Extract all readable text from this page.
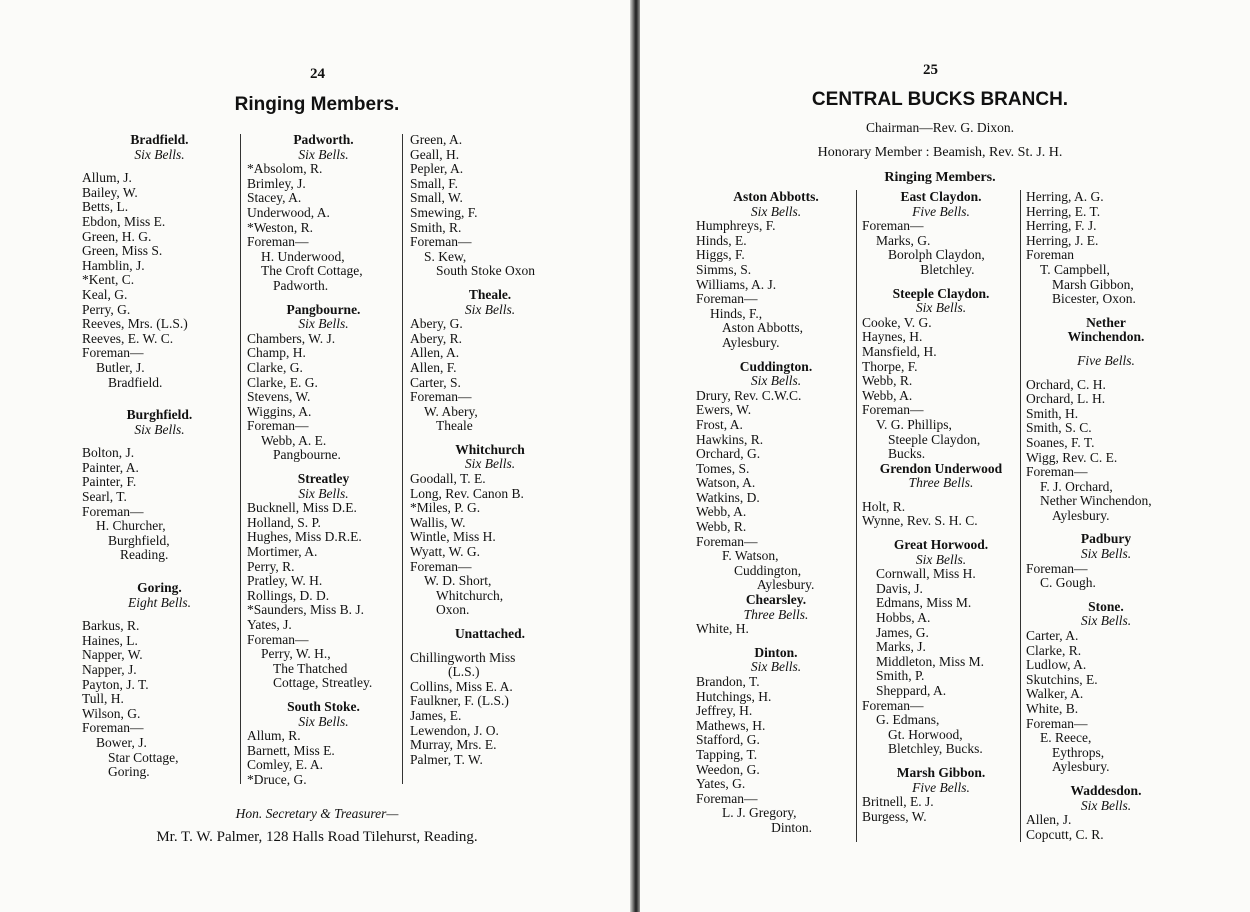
24
Ringing Members.
Bradfield.
Six Bells.
Allum, J.
Bailey, W.
Betts, L.
Ebdon, Miss E.
Green, H. G.
Green, Miss S.
Hamblin, J.
*Kent, C.
Keal, G.
Perry, G.
Reeves, Mrs. (L.S.)
Reeves, E. W. C.
Foreman—
Butler, J.
Bradfield.
Burghfield.
Six Bells.
Bolton, J.
Painter, A.
Painter, F.
Searl, T.
Foreman—
H. Churcher,
Burghfield,
Reading.
Goring.
Eight Bells.
Barkus, R.
Haines, L.
Napper, W.
Napper, J.
Payton, J. T.
Tull, H.
Wilson, G.
Foreman—
Bower, J.
Star Cottage,
Goring.
Padworth.
Six Bells.
*Absolom, R.
Brimley, J.
Stacey, A.
Underwood, A.
*Weston, R.
Foreman—
H. Underwood,
The Croft Cottage,
Padworth.
Pangbourne.
Six Bells.
Chambers, W. J.
Champ, H.
Clarke, G.
Clarke, E. G.
Stevens, W.
Wiggins, A.
Foreman—
Webb, A. E.
Pangbourne.
Streatley
Six Bells.
Bucknell, Miss D.E.
Holland, S. P.
Hughes, Miss D.R.E.
Mortimer, A.
Perry, R.
Pratley, W. H.
Rollings, D. D.
*Saunders, Miss B. J.
Yates, J.
Foreman—
Perry, W. H.,
The Thatched
Cottage, Streatley.
South Stoke.
Six Bells.
Allum, R.
Barnett, Miss E.
Comley, E. A.
*Druce, G.
Green, A.
Geall, H.
Pepler, A.
Small, F.
Small, W.
Smewing, F.
Smith, R.
Foreman—
S. Kew,
South Stoke Oxon
Theale.
Six Bells.
Abery, G.
Abery, R.
Allen, A.
Allen, F.
Carter, S.
Foreman—
W. Abery,
Theale
Whitchurch
Six Bells.
Goodall, T. E.
Long, Rev. Canon B.
*Miles, P. G.
Wallis, W.
Wintle, Miss H.
Wyatt, W. G.
Foreman—
W. D. Short,
Whitchurch,
Oxon.
Unattached.
Chillingworth Miss
(L.S.)
Collins, Miss E. A.
Faulkner, F. (L.S.)
James, E.
Lewendon, J. O.
Murray, Mrs. E.
Palmer, T. W.
Hon. Secretary & Treasurer—
Mr. T. W. Palmer, 128 Halls Road Tilehurst, Reading.
25
CENTRAL BUCKS BRANCH.
Chairman—Rev. G. Dixon.
Honorary Member : Beamish, Rev. St. J. H.
Ringing Members.
Aston Abbotts.
Six Bells.
Humphreys, F.
Hinds, E.
Higgs, F.
Simms, S.
Williams, A. J.
Foreman—
Hinds, F.,
Aston Abbotts,
Aylesbury.
Cuddington.
Six Bells.
Drury, Rev. C.W.C.
Ewers, W.
Frost, A.
Hawkins, R.
Orchard, G.
Tomes, S.
Watson, A.
Watkins, D.
Webb, A.
Webb, R.
Foreman—
F. Watson,
Cuddington,
Aylesbury.
Chearsley.
Three Bells.
White, H.
Dinton.
Six Bells.
Brandon, T.
Hutchings, H.
Jeffrey, H.
Mathews, H.
Stafford, G.
Tapping, T.
Weedon, G.
Yates, G.
Foreman—
L. J. Gregory,
Dinton.
East Claydon.
Five Bells.
Foreman—
Marks, G.
Borolph Claydon,
Bletchley.
Steeple Claydon.
Six Bells.
Cooke, V. G.
Haynes, H.
Mansfield, H.
Thorpe, F.
Webb, R.
Webb, A.
Foreman—
V. G. Phillips,
Steeple Claydon,
Bucks.
Grendon Underwood
Three Bells.
Holt, R.
Wynne, Rev. S. H. C.
Great Horwood.
Six Bells.
Cornwall, Miss H.
Davis, J.
Edmans, Miss M.
Hobbs, A.
James, G.
Marks, J.
Middleton, Miss M.
Smith, P.
Sheppard, A.
Foreman—
G. Edmans,
Gt. Horwood,
Bletchley, Bucks.
Marsh Gibbon.
Five Bells.
Britnell, E. J.
Burgess, W.
Herring, A. G.
Herring, E. T.
Herring, F. J.
Herring, J. E.
Foreman
T. Campbell,
Marsh Gibbon,
Bicester, Oxon.
Nether
Winchendon.
Five Bells.
Orchard, C. H.
Orchard, L. H.
Smith, H.
Smith, S. C.
Soanes, F. T.
Wigg, Rev. C. E.
Foreman—
F. J. Orchard,
Nether Winchendon,
Aylesbury.
Padbury
Six Bells.
Foreman—
C. Gough.
Stone.
Six Bells.
Carter, A.
Clarke, R.
Ludlow, A.
Skutchins, E.
Walker, A.
White, B.
Foreman—
E. Reece,
Eythrops,
Aylesbury.
Waddesdon.
Six Bells.
Allen, J.
Copcutt, C. R.
